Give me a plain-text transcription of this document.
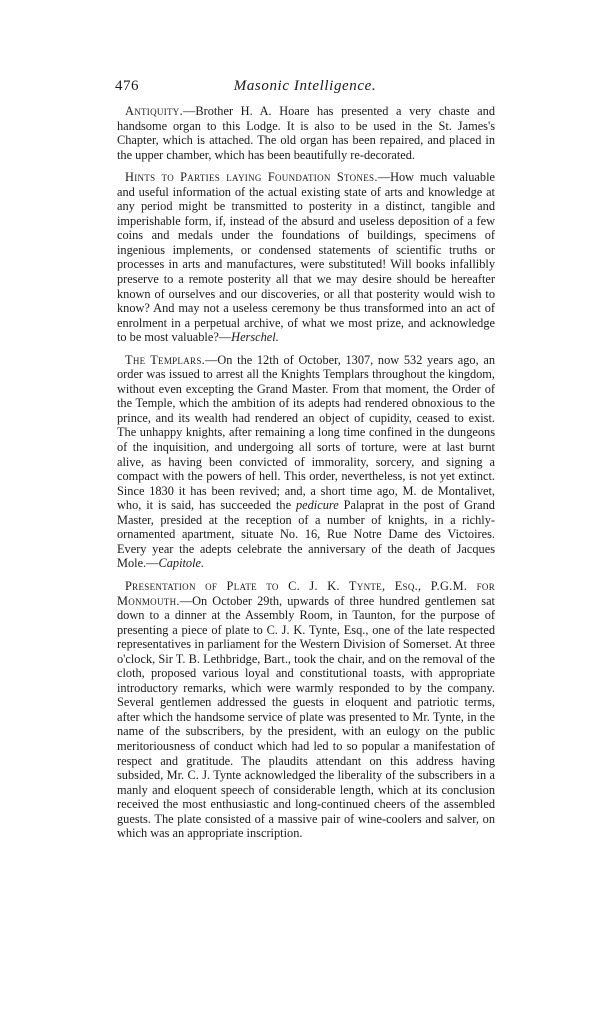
476	Masonic Intelligence.

Antiquity.—Brother H. A. Hoare has presented a very chaste and handsome organ to this Lodge. It is also to be used in the St. James's Chapter, which is attached. The old organ has been repaired, and placed in the upper chamber, which has been beautifully re-decorated.

Hints to Parties laying Foundation Stones.—How much valuable and useful information of the actual existing state of arts and knowledge at any period might be transmitted to posterity in a distinct, tangible and imperishable form, if, instead of the absurd and useless deposition of a few coins and medals under the foundations of buildings, specimens of ingenious implements, or condensed statements of scientific truths or processes in arts and manufactures, were substituted! Will books infallibly preserve to a remote posterity all that we may desire should be hereafter known of ourselves and our discoveries, or all that posterity would wish to know? And may not a useless ceremony be thus transformed into an act of enrolment in a perpetual archive, of what we most prize, and acknowledge to be most valuable?—Herschel.

The Templars.—On the 12th of October, 1307, now 532 years ago, an order was issued to arrest all the Knights Templars throughout the kingdom, without even excepting the Grand Master. From that moment, the Order of the Temple, which the ambition of its adepts had rendered obnoxious to the prince, and its wealth had rendered an object of cupidity, ceased to exist. The unhappy knights, after remaining a long time confined in the dungeons of the inquisition, and undergoing all sorts of torture, were at last burnt alive, as having been convicted of immorality, sorcery, and signing a compact with the powers of hell. This order, nevertheless, is not yet extinct. Since 1830 it has been revived; and, a short time ago, M. de Montalivet, who, it is said, has succeeded the pedicure Palaprat in the post of Grand Master, presided at the reception of a number of knights, in a richly-ornamented apartment, situate No. 16, Rue Notre Dame des Victoires. Every year the adepts celebrate the anniversary of the death of Jacques Mole.—Capitole.

Presentation of Plate to C. J. K. Tynte, Esq., P.G.M. for Monmouth.—On October 29th, upwards of three hundred gentlemen sat down to a dinner at the Assembly Room, in Taunton, for the purpose of presenting a piece of plate to C. J. K. Tynte, Esq., one of the late respected representatives in parliament for the Western Division of Somerset. At three o'clock, Sir T. B. Lethbridge, Bart., took the chair, and on the removal of the cloth, proposed various loyal and constitutional toasts, with appropriate introductory remarks, which were warmly responded to by the company. Several gentlemen addressed the guests in eloquent and patriotic terms, after which the handsome service of plate was presented to Mr. Tynte, in the name of the subscribers, by the president, with an eulogy on the public meritoriousness of conduct which had led to so popular a manifestation of respect and gratitude. The plaudits attendant on this address having subsided, Mr. C. J. Tynte acknowledged the liberality of the subscribers in a manly and eloquent speech of considerable length, which at its conclusion received the most enthusiastic and long-continued cheers of the assembled guests. The plate consisted of a massive pair of wine-coolers and salver, on which was an appropriate inscription.
